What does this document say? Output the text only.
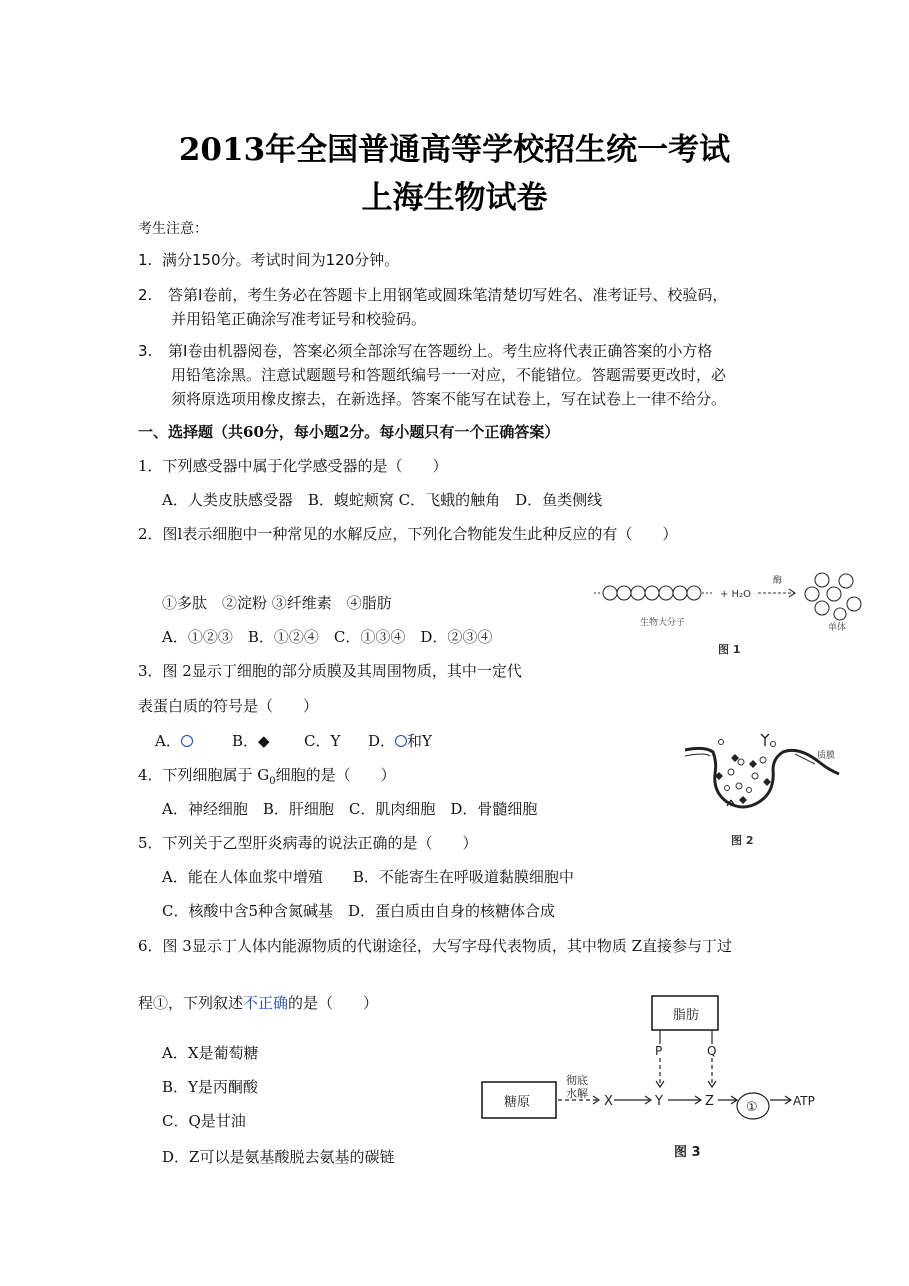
2013年全国普通高等学校招生统一考试
上海生物试卷
考生注意：
1. 满分150分。考试时间为120分钟。
2. 答第Ⅰ卷前，考生务必在答题卡上用钢笔或圆珠笔清楚切写姓名、准考证号、校验码，
并用铅笔正确涂写准考证号和校验码。
3. 第Ⅰ卷由机器阅卷，答案必须全部涂写在答题纷上。考生应将代表正确答案的小方格
用铅笔涂黑。注意试题题号和答题纸编号一一对应，不能错位。答题需要更改时，必
须将原选项用橡皮擦去，在新选择。答案不能写在试卷上，写在试卷上一律不给分。
一、选择题（共60分，每小题2分。每小题只有一个正确答案）
1．下列感受器中属于化学感受器的是（　　）
A．人类皮肤感受器　B．蝮蛇颊窝 C．飞蛾的触角　D．鱼类侧线
2．图l表示细胞中一种常见的水解反应，下列化合物能发生此种反应的有（　　）
①多肽　②淀粉 ③纤维素　④脂肪
A．①②③　B．①②④　C．①③④　D．②③④
3．图 2显示丁细胞的部分质膜及其周围物质，其中一定代
表蛋白质的符号是（　　）
A．	B．◆ C．Y D． 和Y
4．下列细胞属于 $G_0$细胞的是（　　）
A．神经细胞　B．肝细胞　C．肌肉细胞　D．骨髓细胞
5．下列关于乙型肝炎病毒的说法正确的是（　　）
A．能在人体血浆中增殖　　B．不能寄生在呼吸道黏膜细胞中
C．核酸中含5种含氮碱基　D．蛋白质由自身的核糖体合成
6．图 3显示丁人体内能源物质的代谢途径，大写字母代表物质，其中物质 Z直接参与丁过
程①，下列叙述不正确的是（　　）
A．X是葡萄糖
B．Y是丙酮酸
C．Q是甘油
D．Z可以是氨基酸脱去氨基的碳链
+ H₂O
酶
生物大分子	单体
图 1
质膜
图 2
脂肪
糖原
彻底
水解
X	Y	Z
P	Q
①	ATP
图 3
